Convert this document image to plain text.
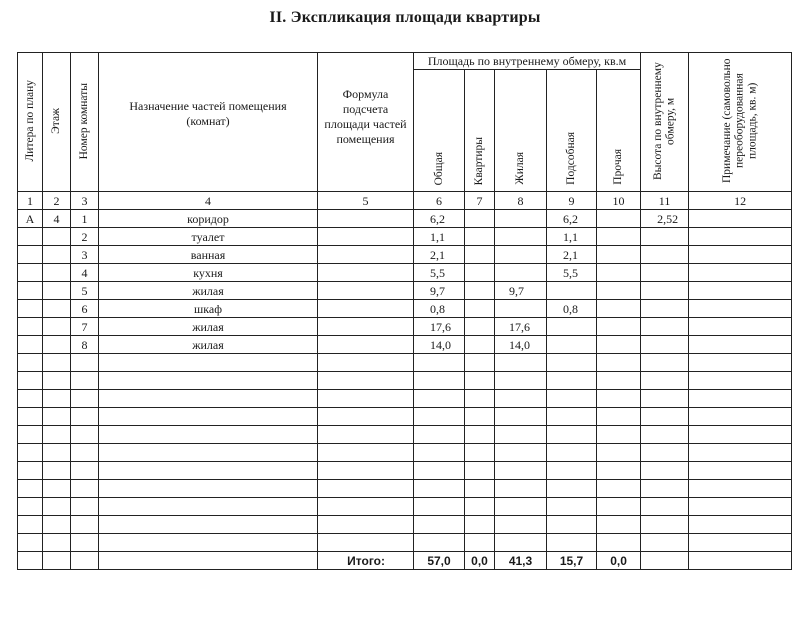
II. Экспликация площади квартиры
Литера по плану	Этаж	Номер комнаты	Назначение частей помещения (комнат)	Формула подсчета площади частей помещения	Площадь по внутреннему обмеру, кв.м					Высота по внутреннему обмеру, м	Примечание (самовольно переоборудованная площадь, кв. м)
					Общая	Квартиры	Жилая	Подсобная	Прочая		
1	2	3	4	5	6	7	8	9	10	11	12
А	4	1	коридор		6,2			6,2		2,52	
		2	туалет		1,1			1,1			
		3	ванная		2,1			2,1			
		4	кухня		5,5			5,5			
		5	жилая		9,7		9,7				
		6	шкаф		0,8			0,8			
		7	жилая		17,6		17,6				
		8	жилая		14,0		14,0				

				Итого:	57,0	0,0	41,3	15,7	0,0		
